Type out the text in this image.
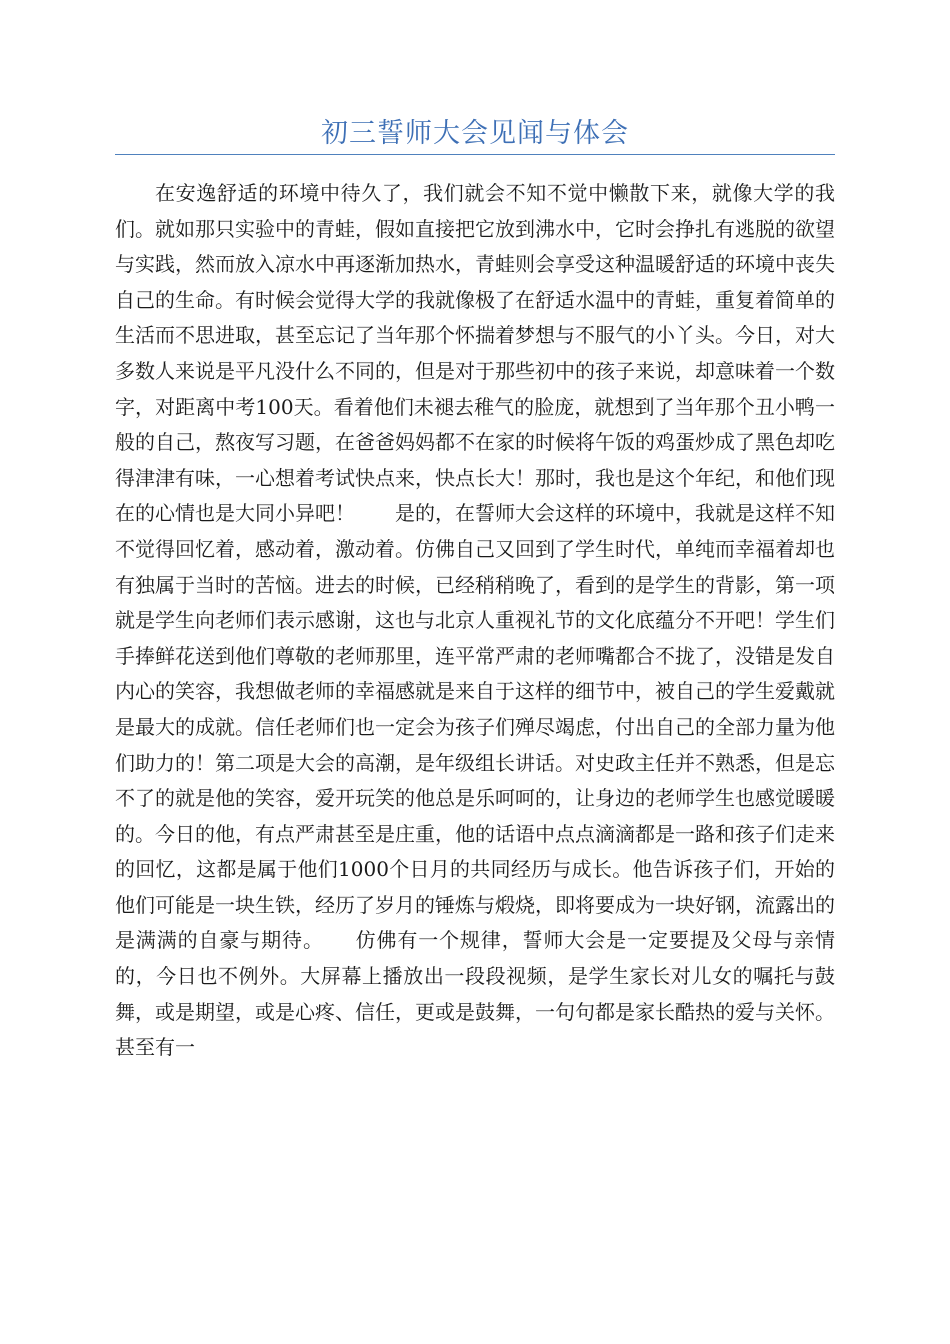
初三誓师大会见闻与体会

在安逸舒适的环境中待久了，我们就会不知不觉中懒散下来，就像大学的我们。就如那只实验中的青蛙，假如直接把它放到沸水中，它时会挣扎有逃脱的欲望与实践，然而放入凉水中再逐渐加热水，青蛙则会享受这种温暖舒适的环境中丧失自己的生命。有时候会觉得大学的我就像极了在舒适水温中的青蛙，重复着简单的生活而不思进取，甚至忘记了当年那个怀揣着梦想与不服气的小丫头。今日，对大多数人来说是平凡没什么不同的，但是对于那些初中的孩子来说，却意味着一个数字，对距离中考100天。看着他们未褪去稚气的脸庞，就想到了当年那个丑小鸭一般的自己，熬夜写习题，在爸爸妈妈都不在家的时候将午饭的鸡蛋炒成了黑色却吃得津津有味，一心想着考试快点来，快点长大！那时，我也是这个年纪，和他们现在的心情也是大同小异吧！　　是的，在誓师大会这样的环境中，我就是这样不知不觉得回忆着，感动着，激动着。仿佛自己又回到了学生时代，单纯而幸福着却也有独属于当时的苦恼。进去的时候，已经稍稍晚了，看到的是学生的背影，第一项就是学生向老师们表示感谢，这也与北京人重视礼节的文化底蕴分不开吧！学生们手捧鲜花送到他们尊敬的老师那里，连平常严肃的老师嘴都合不拢了，没错是发自内心的笑容，我想做老师的幸福感就是来自于这样的细节中，被自己的学生爱戴就是最大的成就。信任老师们也一定会为孩子们殚尽竭虑，付出自己的全部力量为他们助力的！第二项是大会的高潮，是年级组长讲话。对史政主任并不熟悉，但是忘不了的就是他的笑容，爱开玩笑的他总是乐呵呵的，让身边的老师学生也感觉暖暖的。今日的他，有点严肃甚至是庄重，他的话语中点点滴滴都是一路和孩子们走来的回忆，这都是属于他们1000个日月的共同经历与成长。他告诉孩子们，开始的他们可能是一块生铁，经历了岁月的锤炼与煅烧，即将要成为一块好钢，流露出的是满满的自豪与期待。　　仿佛有一个规律，誓师大会是一定要提及父母与亲情的，今日也不例外。大屏幕上播放出一段段视频，是学生家长对儿女的嘱托与鼓舞，或是期望，或是心疼、信任，更或是鼓舞，一句句都是家长酷热的爱与关怀。甚至有一
